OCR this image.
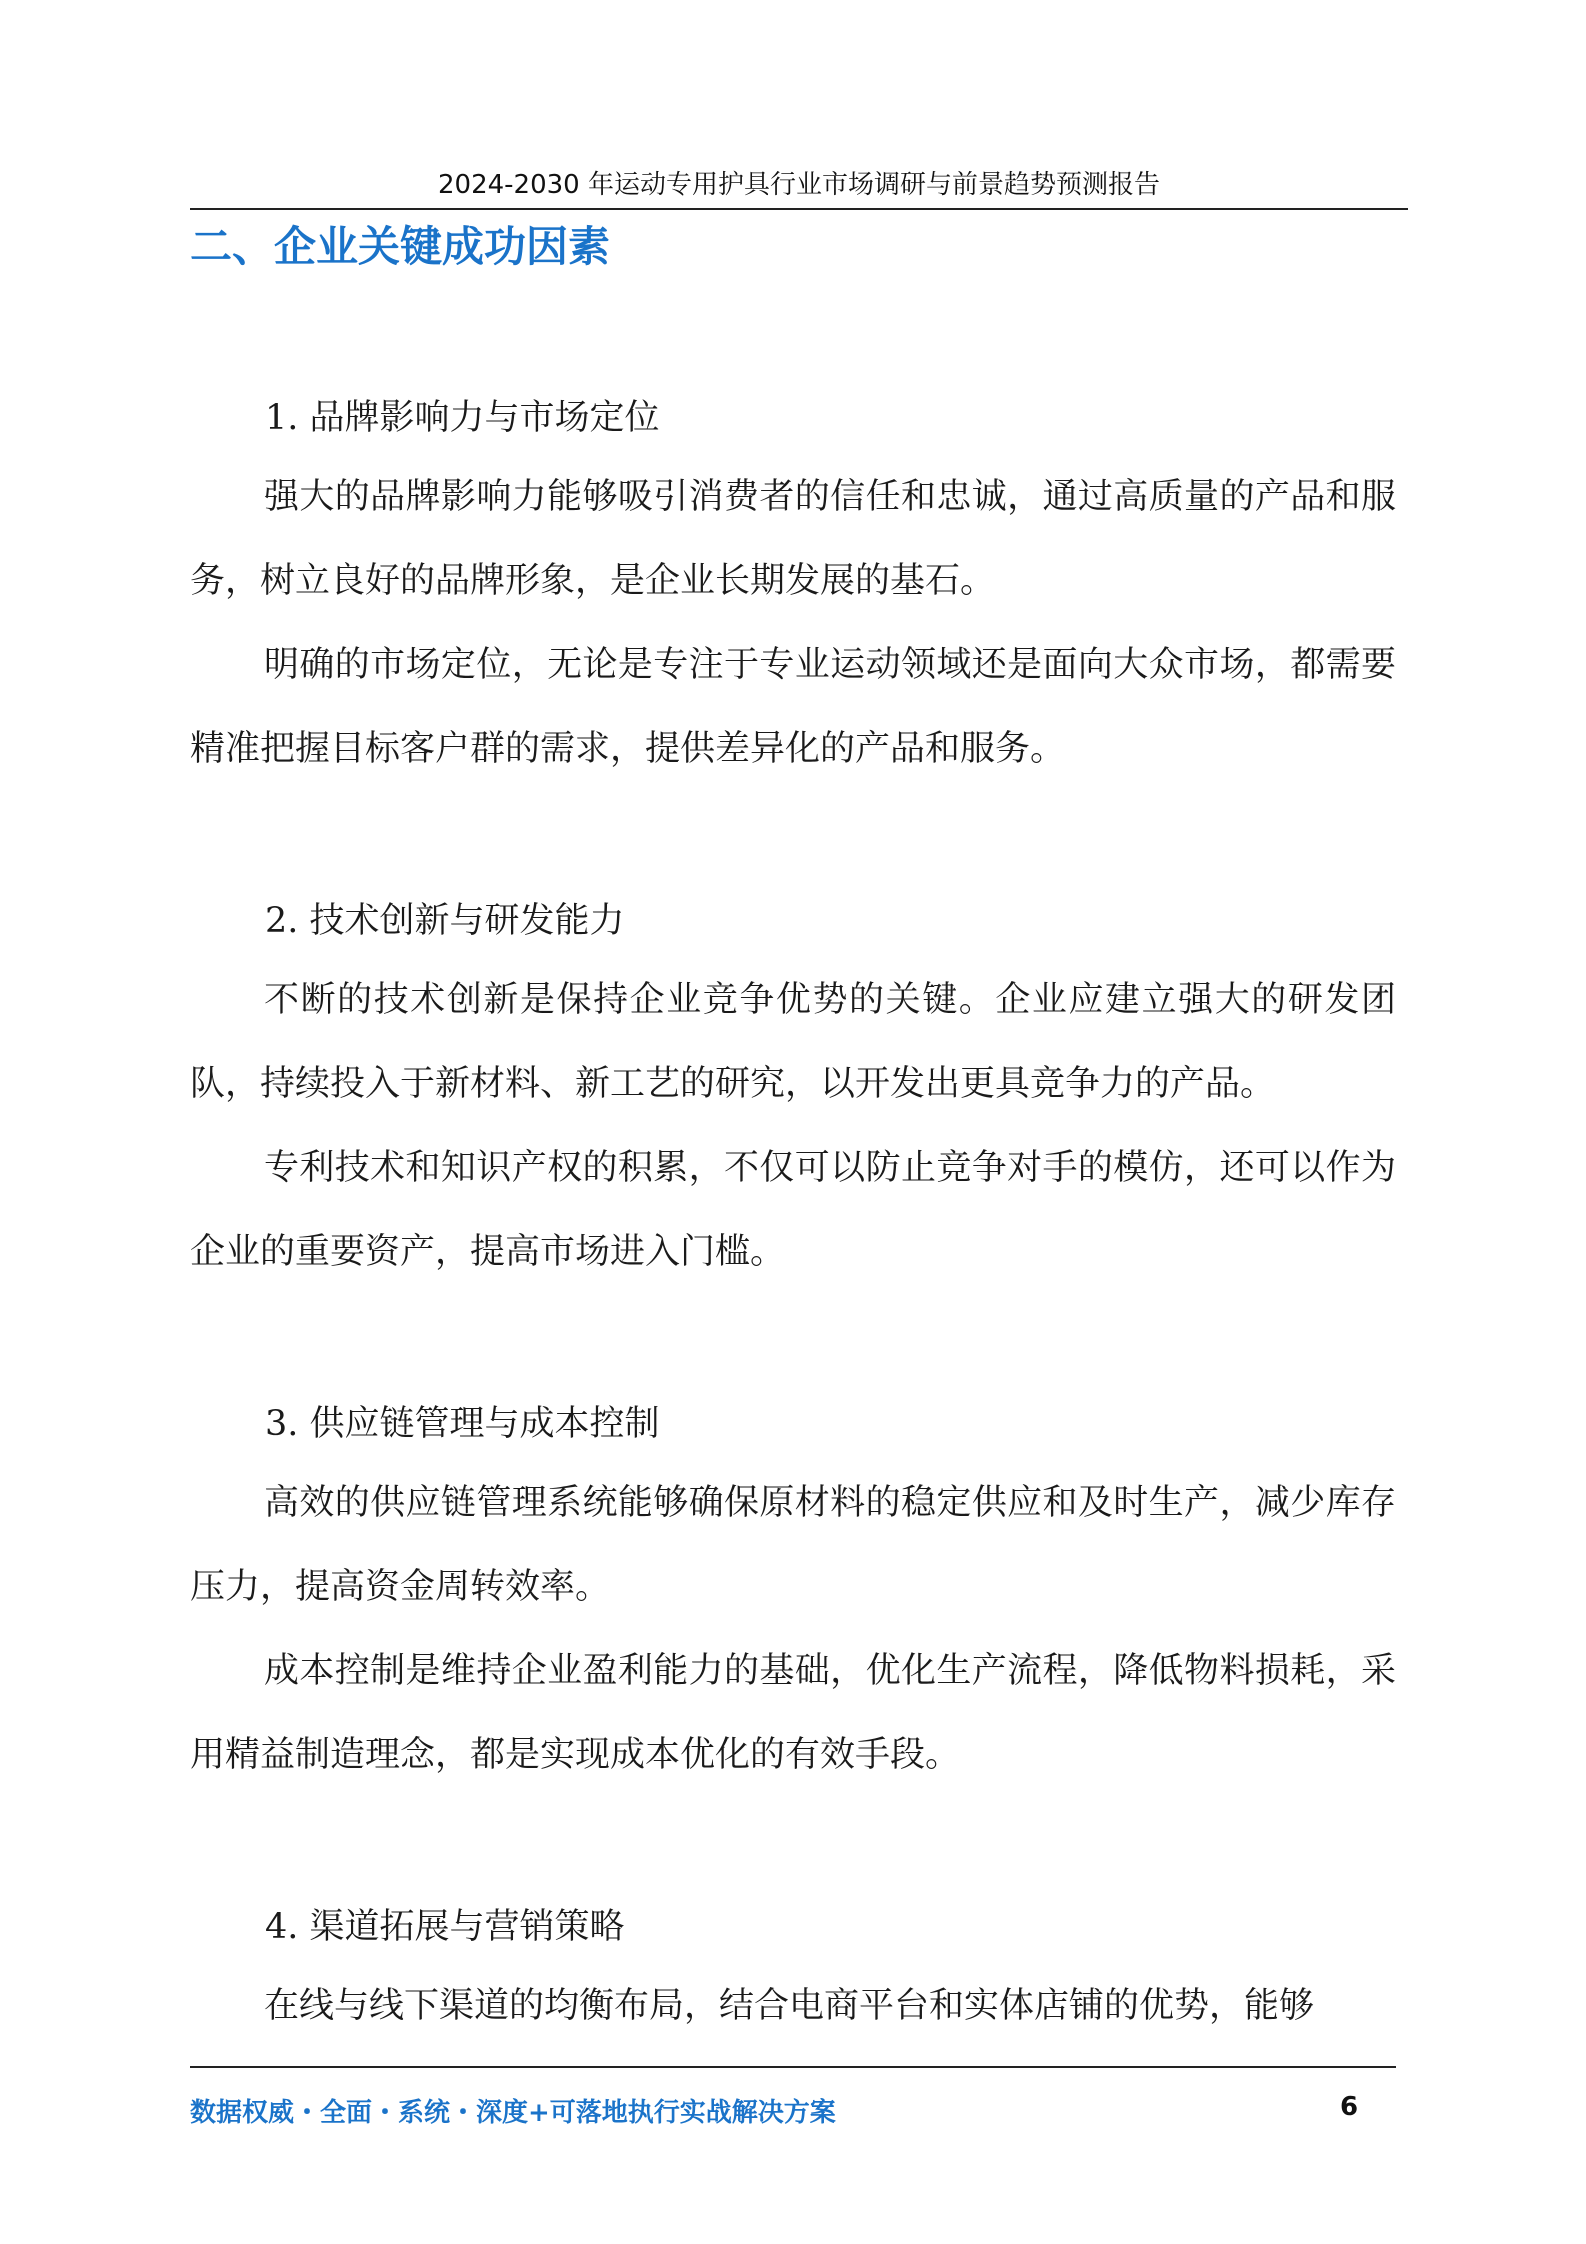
2024-2030 年运动专用护具行业市场调研与前景趋势预测报告
二、企业关键成功因素
1. 品牌影响力与市场定位
强大的品牌影响力能够吸引消费者的信任和忠诚，通过高质量的产品和服务，树立良好的品牌形象，是企业长期发展的基石。
明确的市场定位，无论是专注于专业运动领域还是面向大众市场，都需要精准把握目标客户群的需求，提供差异化的产品和服务。
2. 技术创新与研发能力
不断的技术创新是保持企业竞争优势的关键。企业应建立强大的研发团队，持续投入于新材料、新工艺的研究，以开发出更具竞争力的产品。
专利技术和知识产权的积累，不仅可以防止竞争对手的模仿，还可以作为企业的重要资产，提高市场进入门槛。
3. 供应链管理与成本控制
高效的供应链管理系统能够确保原材料的稳定供应和及时生产，减少库存压力，提高资金周转效率。
成本控制是维持企业盈利能力的基础，优化生产流程，降低物料损耗，采用精益制造理念，都是实现成本优化的有效手段。
4. 渠道拓展与营销策略
在线与线下渠道的均衡布局，结合电商平台和实体店铺的优势，能够
数据权威・全面・系统・深度+可落地执行实战解决方案	6
